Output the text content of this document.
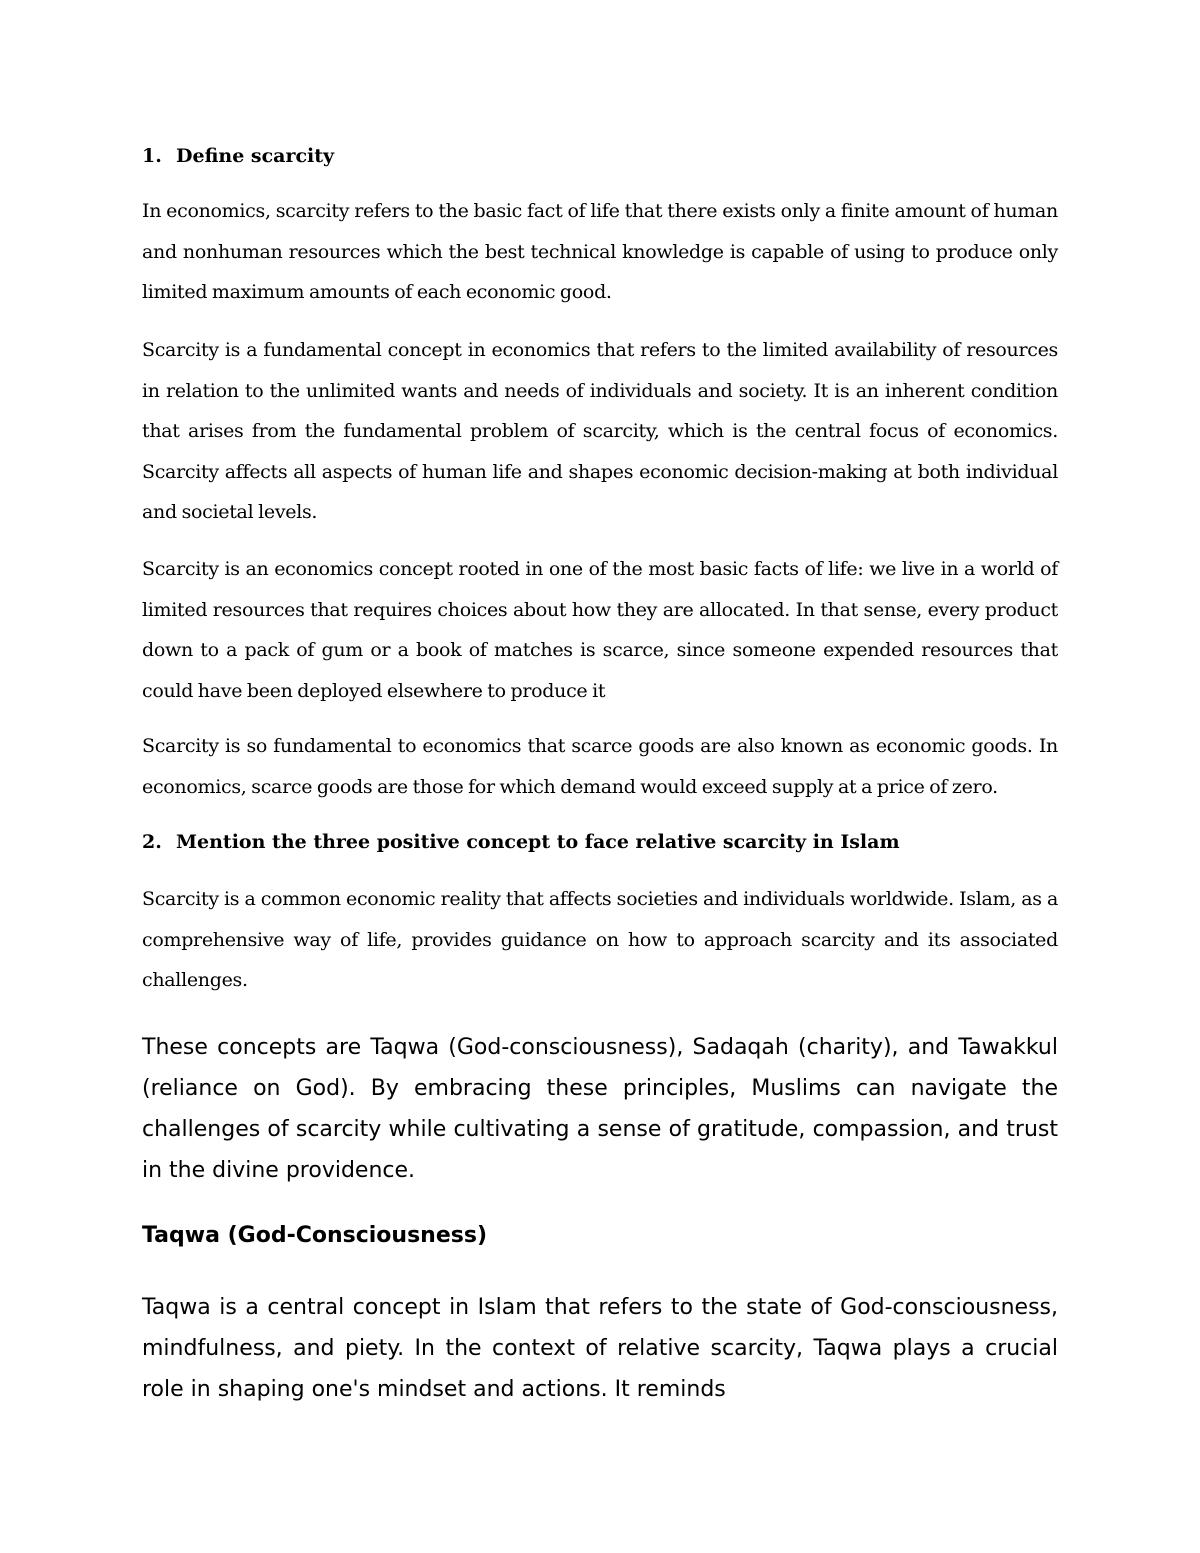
1. Define scarcity

In economics, scarcity refers to the basic fact of life that there exists only a finite amount of human and nonhuman resources which the best technical knowledge is capable of using to produce only limited maximum amounts of each economic good.

Scarcity is a fundamental concept in economics that refers to the limited availability of resources in relation to the unlimited wants and needs of individuals and society. It is an inherent condition that arises from the fundamental problem of scarcity, which is the central focus of economics. Scarcity affects all aspects of human life and shapes economic decision-making at both individual and societal levels.

Scarcity is an economics concept rooted in one of the most basic facts of life: we live in a world of limited resources that requires choices about how they are allocated. In that sense, every product down to a pack of gum or a book of matches is scarce, since someone expended resources that could have been deployed elsewhere to produce it

Scarcity is so fundamental to economics that scarce goods are also known as economic goods. In economics, scarce goods are those for which demand would exceed supply at a price of zero.

2. Mention the three positive concept to face relative scarcity in Islam

Scarcity is a common economic reality that affects societies and individuals worldwide. Islam, as a comprehensive way of life, provides guidance on how to approach scarcity and its associated challenges.

These concepts are Taqwa (God-consciousness), Sadaqah (charity), and Tawakkul (reliance on God). By embracing these principles, Muslims can navigate the challenges of scarcity while cultivating a sense of gratitude, compassion, and trust in the divine providence.

Taqwa (God-Consciousness)

Taqwa is a central concept in Islam that refers to the state of God-consciousness, mindfulness, and piety. In the context of relative scarcity, Taqwa plays a crucial role in shaping one's mindset and actions. It reminds
